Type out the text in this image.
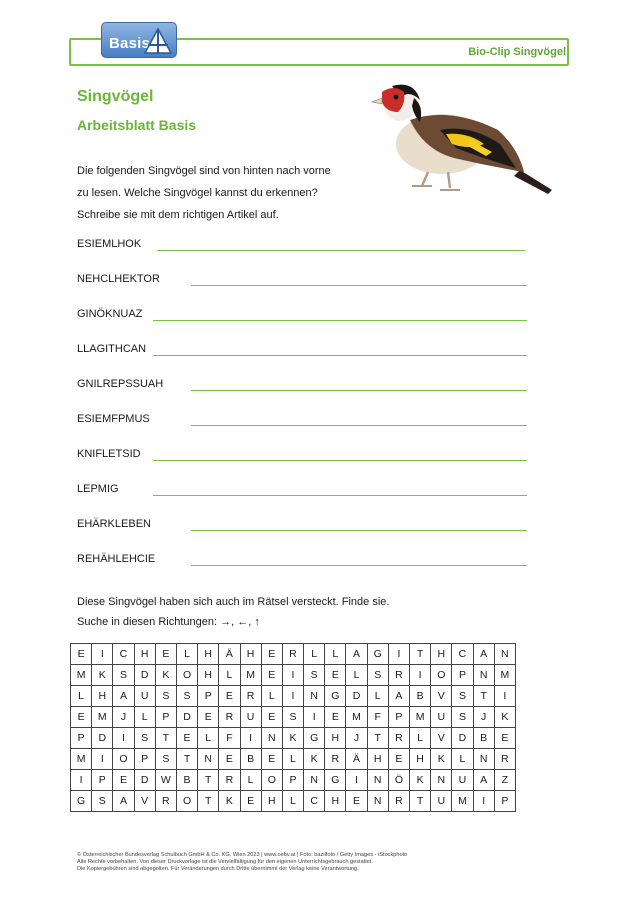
Basis	Bio-Clip Singvögel
Singvögel
Arbeitsblatt Basis
Die folgenden Singvögel sind von hinten nach vorne
zu lesen. Welche Singvögel kannst du erkennen?
Schreibe sie mit dem richtigen Artikel auf.
ESIEMLHOK
NEHCLHEKTOR
GINÖKNUAZ
LLAGITHCAN
GNILREPSSUAH
ESIEMFPMUS
KNIFLETSID
LEPMIG
EHÄRKLEBEN
REHÄHLEHCIE
Diese Singvögel haben sich auch im Rätsel versteckt. Finde sie.
Suche in diesen Richtungen: →, ←, ↑
E	I	C	H	E	L	H	Ä	H	E	R	L	L	A	G	I	T	H	C	A	N
M	K	S	D	K	O	H	L	M	E	I	S	E	L	S	R	I	O	P	N	M
L	H	A	U	S	S	P	E	R	L	I	N	G	D	L	A	B	V	S	T	I
E	M	J	L	P	D	E	R	U	E	S	I	E	M	F	P	M	U	S	J	K
P	D	I	S	T	E	L	F	I	N	K	G	H	J	T	R	L	V	D	B	E
M	I	O	P	S	T	N	E	B	E	L	K	R	Ä	H	E	H	K	L	N	R
I	P	E	D	W	B	T	R	L	O	P	N	G	I	N	Ö	K	N	U	A	Z
G	S	A	V	R	O	T	K	E	H	L	C	H	E	N	R	T	U	M	I	P
© Österreichischer Bundesverlag Schulbuch GmbH & Co. KG, Wien 2023 | www.oebv.at | Foto: bazilfoto / Getty Images - iStockphoto
Alle Rechte vorbehalten. Von dieser Druckvorlage ist die Vervielfältigung für den eigenen Unterrichtsgebrauch gestattet.
Die Kopiergebühren sind abgegolten. Für Veränderungen durch Dritte übernimmt der Verlag keine Verantwortung.
